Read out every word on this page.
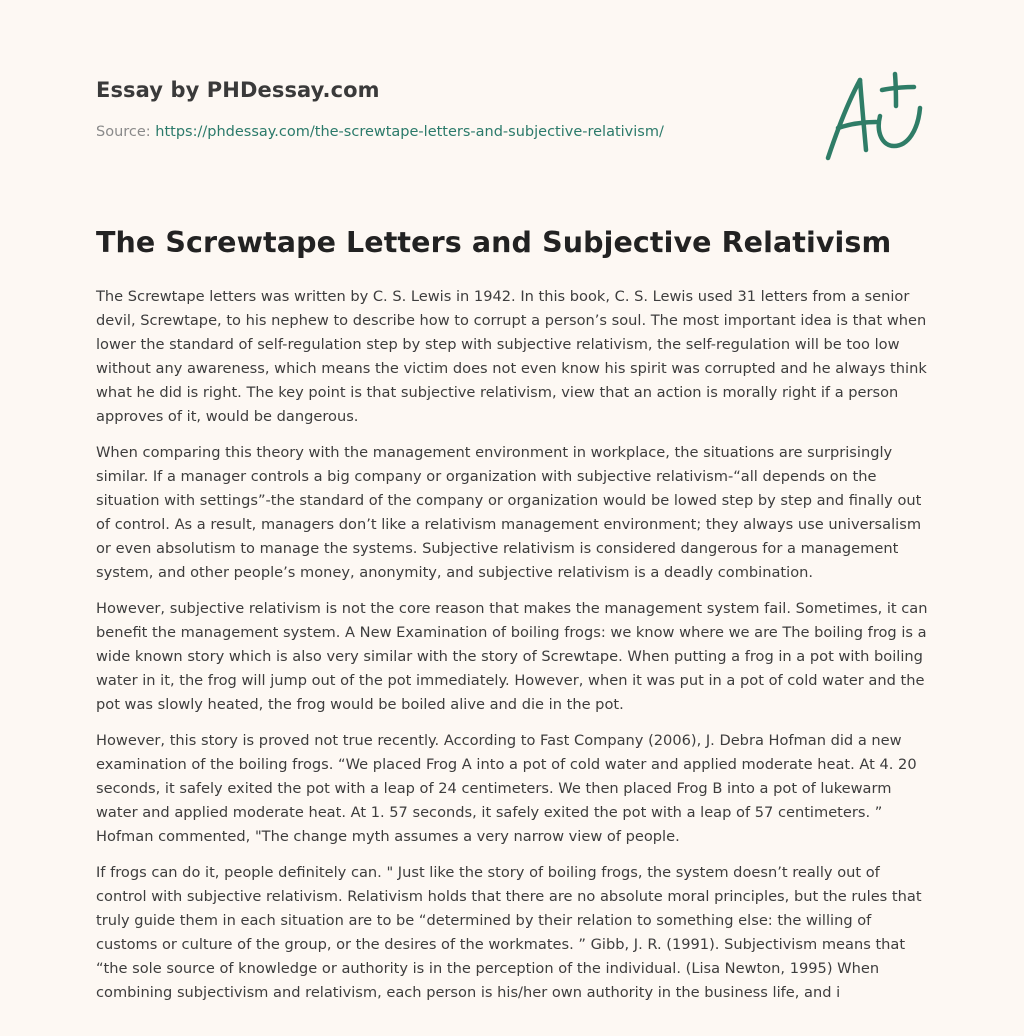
Essay by PHDessay.com
Source: https://phdessay.com/the-screwtape-letters-and-subjective-relativism/
The Screwtape Letters and Subjective Relativism

The Screwtape letters was written by C. S. Lewis in 1942. In this book, C. S. Lewis used 31 letters from a senior devil, Screwtape, to his nephew to describe how to corrupt a person’s soul. The most important idea is that when lower the standard of self-regulation step by step with subjective relativism, the self-regulation will be too low without any awareness, which means the victim does not even know his spirit was corrupted and he always think what he did is right. The key point is that subjective relativism, view that an action is morally right if a person approves of it, would be dangerous.

When comparing this theory with the management environment in workplace, the situations are surprisingly similar. If a manager controls a big company or organization with subjective relativism-“all depends on the situation with settings”-the standard of the company or organization would be lowed step by step and finally out of control. As a result, managers don’t like a relativism management environment; they always use universalism or even absolutism to manage the systems. Subjective relativism is considered dangerous for a management system, and other people’s money, anonymity, and subjective relativism is a deadly combination.

However, subjective relativism is not the core reason that makes the management system fail. Sometimes, it can benefit the management system. A New Examination of boiling frogs: we know where we are The boiling frog is a wide known story which is also very similar with the story of Screwtape. When putting a frog in a pot with boiling water in it, the frog will jump out of the pot immediately. However, when it was put in a pot of cold water and the pot was slowly heated, the frog would be boiled alive and die in the pot.

However, this story is proved not true recently. According to Fast Company (2006), J. Debra Hofman did a new examination of the boiling frogs. “We placed Frog A into a pot of cold water and applied moderate heat. At 4. 20 seconds, it safely exited the pot with a leap of 24 centimeters. We then placed Frog B into a pot of lukewarm water and applied moderate heat. At 1. 57 seconds, it safely exited the pot with a leap of 57 centimeters. ” Hofman commented, "The change myth assumes a very narrow view of people.

If frogs can do it, people definitely can. " Just like the story of boiling frogs, the system doesn’t really out of control with subjective relativism. Relativism holds that there are no absolute moral principles, but the rules that truly guide them in each situation are to be “determined by their relation to something else: the willing of customs or culture of the group, or the desires of the workmates. ” Gibb, J. R. (1991). Subjectivism means that “the sole source of knowledge or authority is in the perception of the individual. (Lisa Newton, 1995) When combining subjectivism and relativism, each person is his/her own authority in the business life, and i
